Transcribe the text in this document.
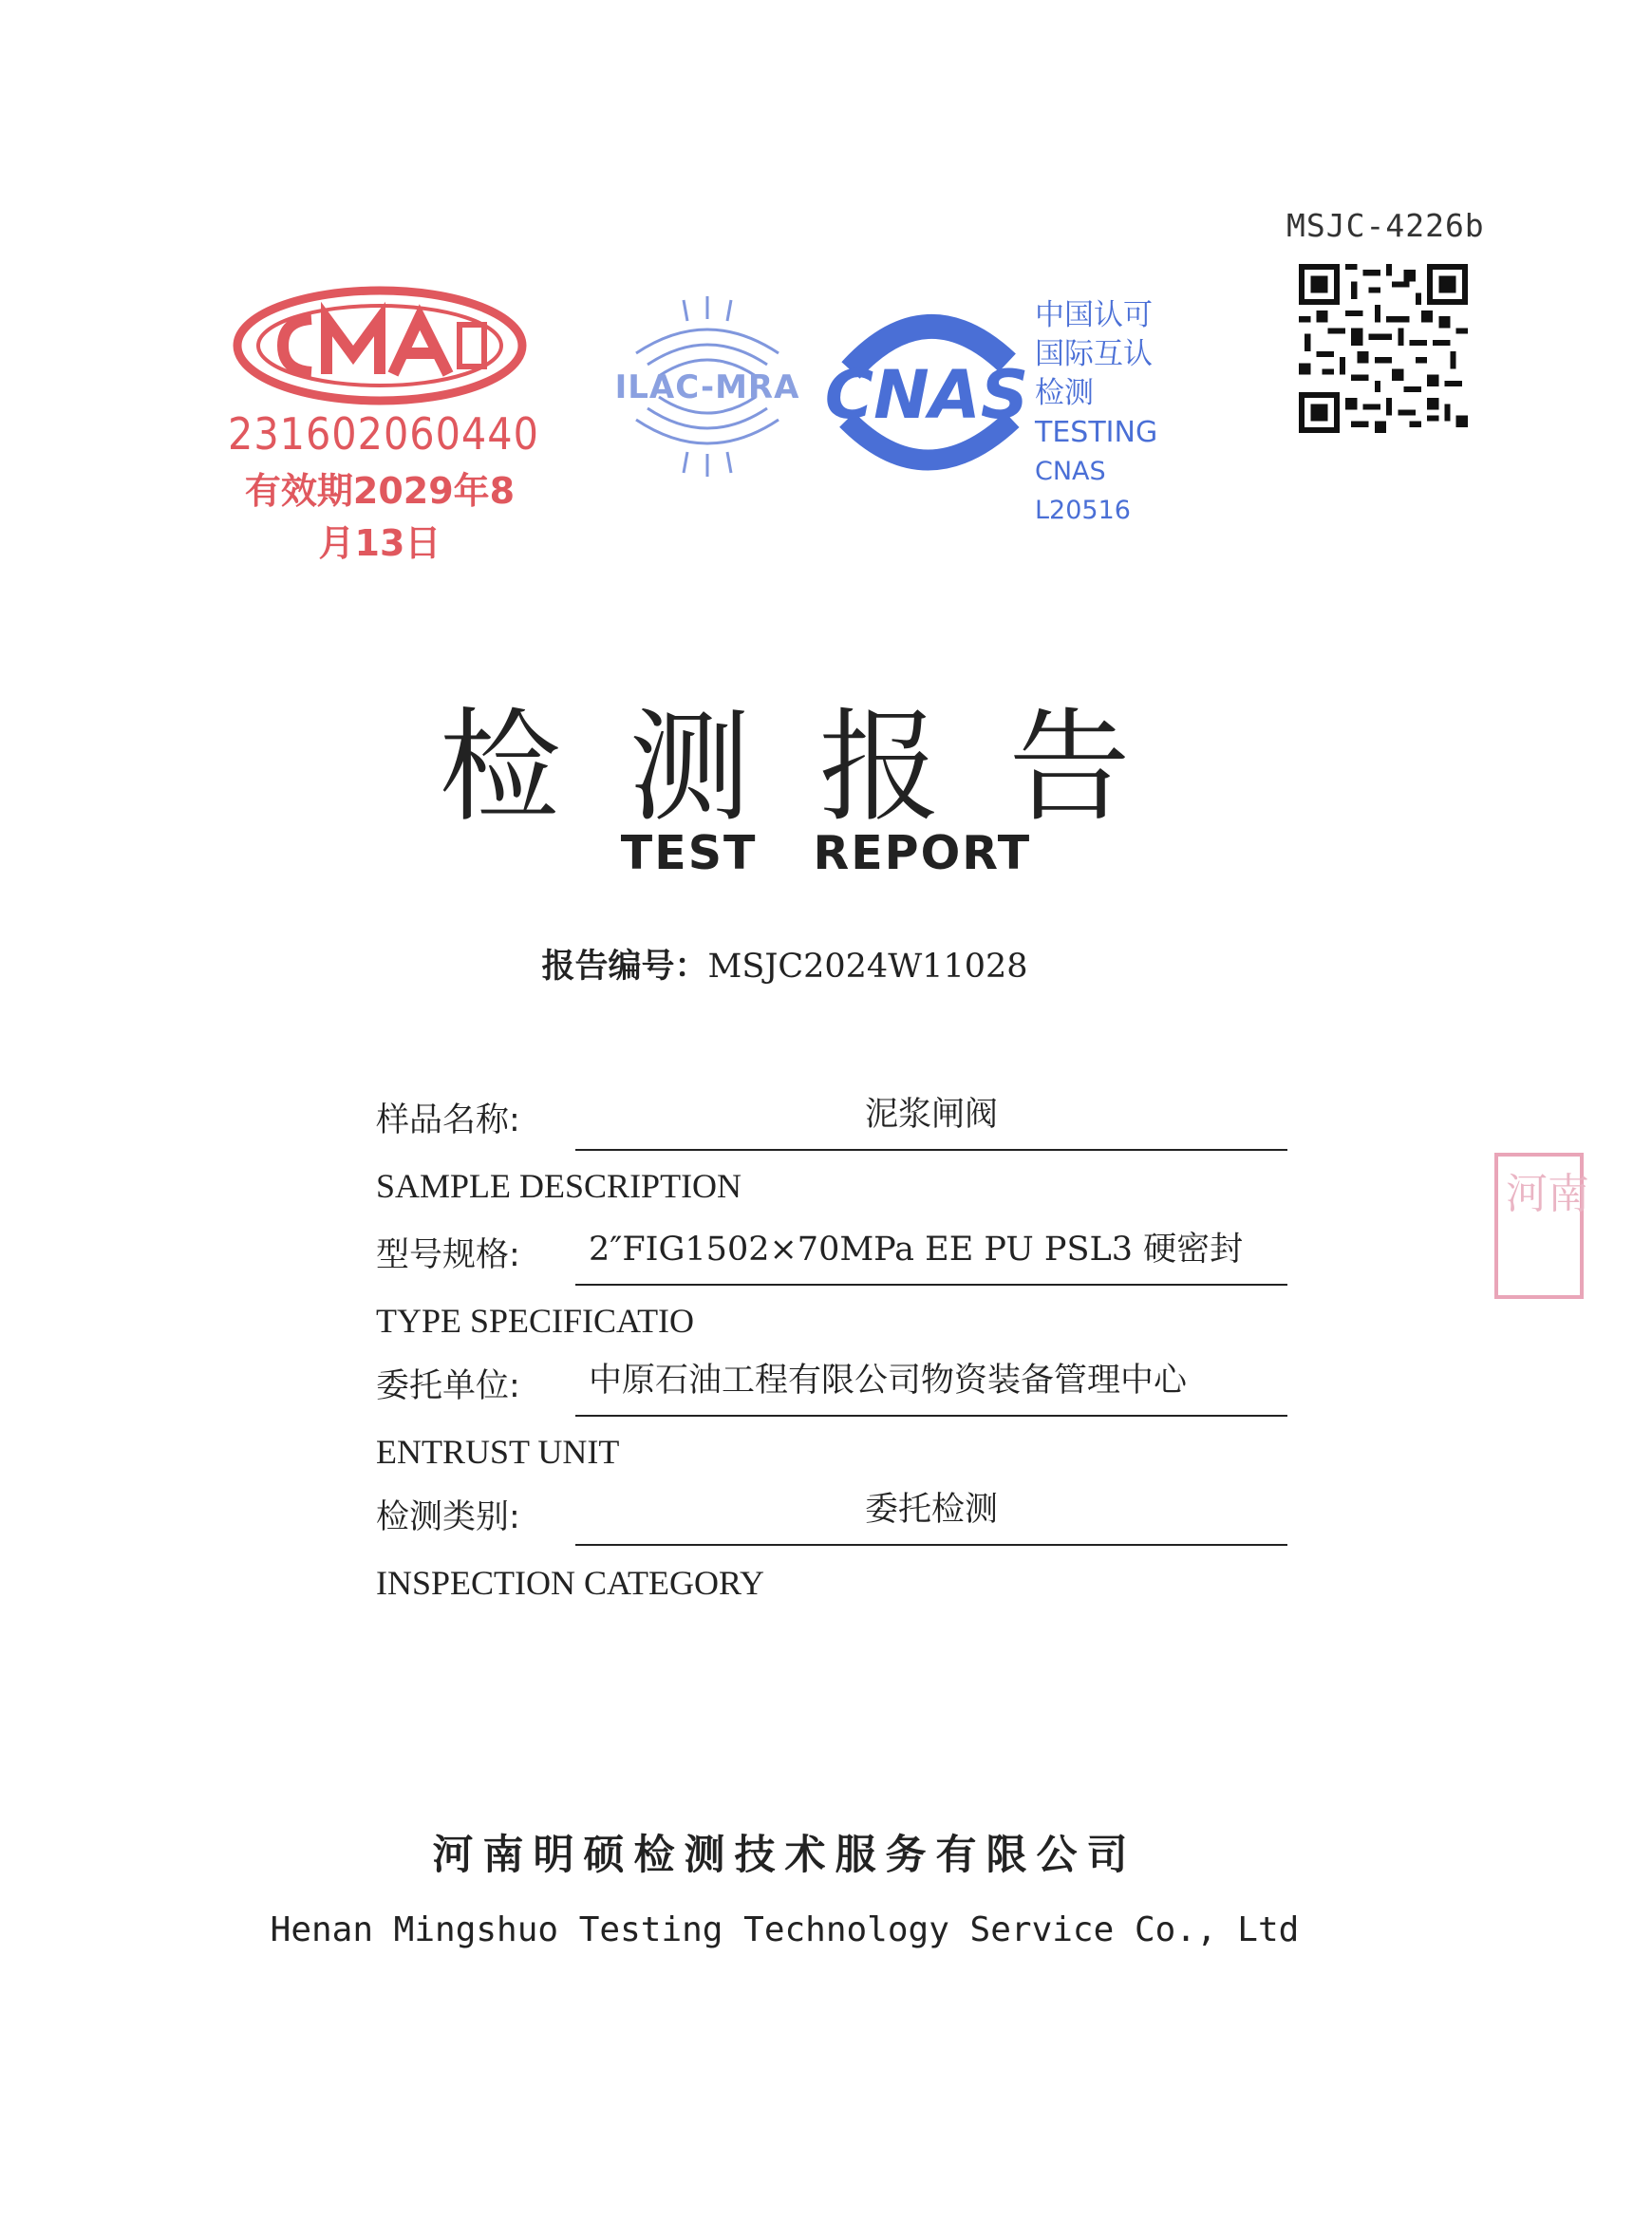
MSJC-4226b
231602060440
有效期2029年8月13日
ILAC-MRA CNAS
中国认可
国际互认
检测
TESTING
CNAS L20516
检测报告
TEST REPORT
报告编号：MSJC2024W11028
样品名称:	泥浆闸阀
SAMPLE DESCRIPTION
型号规格:	2″FIG1502×70MPa EE PU PSL3 硬密封
TYPE SPECIFICATIO
委托单位:	中原石油工程有限公司物资装备管理中心
ENTRUST UNIT
检测类别:	委托检测
INSPECTION CATEGORY
河南明硕检测技术服务有限公司
Henan Mingshuo Testing Technology Service Co., Ltd
河南
